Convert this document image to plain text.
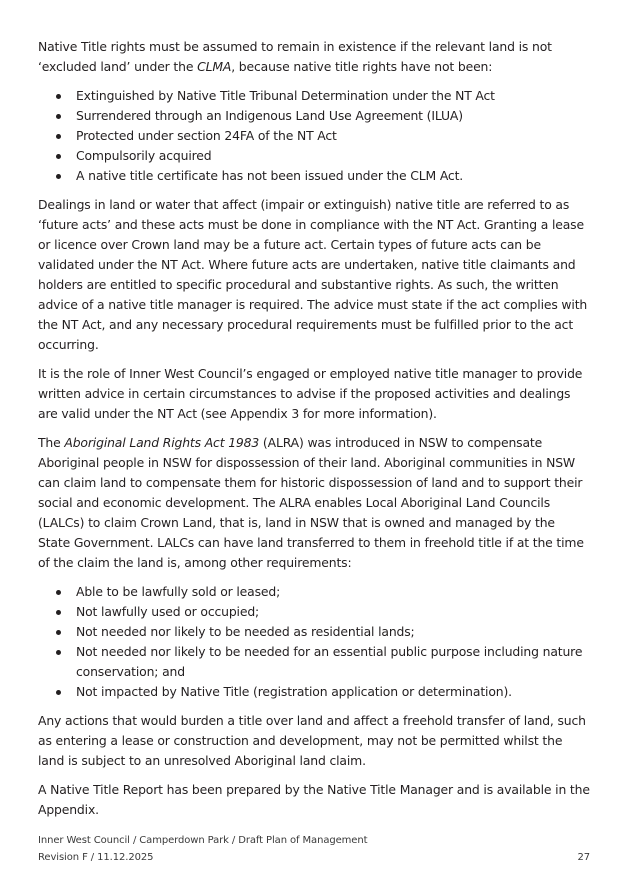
Native Title rights must be assumed to remain in existence if the relevant land is not ‘excluded land’ under the CLMA, because native title rights have not been:

Extinguished by Native Title Tribunal Determination under the NT Act
Surrendered through an Indigenous Land Use Agreement (ILUA)
Protected under section 24FA of the NT Act
Compulsorily acquired
A native title certificate has not been issued under the CLM Act.

Dealings in land or water that affect (impair or extinguish) native title are referred to as ‘future acts’ and these acts must be done in compliance with the NT Act. Granting a lease or licence over Crown land may be a future act. Certain types of future acts can be validated under the NT Act. Where future acts are undertaken, native title claimants and holders are entitled to specific procedural and substantive rights. As such, the written advice of a native title manager is required. The advice must state if the act complies with the NT Act, and any necessary procedural requirements must be fulfilled prior to the act occurring.

It is the role of Inner West Council’s engaged or employed native title manager to provide written advice in certain circumstances to advise if the proposed activities and dealings are valid under the NT Act (see Appendix 3 for more information).

The Aboriginal Land Rights Act 1983 (ALRA) was introduced in NSW to compensate Aboriginal people in NSW for dispossession of their land. Aboriginal communities in NSW can claim land to compensate them for historic dispossession of land and to support their social and economic development. The ALRA enables Local Aboriginal Land Councils (LALCs) to claim Crown Land, that is, land in NSW that is owned and managed by the State Government. LALCs can have land transferred to them in freehold title if at the time of the claim the land is, among other requirements:

Able to be lawfully sold or leased;
Not lawfully used or occupied;
Not needed nor likely to be needed as residential lands;
Not needed nor likely to be needed for an essential public purpose including nature conservation; and
Not impacted by Native Title (registration application or determination).

Any actions that would burden a title over land and affect a freehold transfer of land, such as entering a lease or construction and development, may not be permitted whilst the land is subject to an unresolved Aboriginal land claim.

A Native Title Report has been prepared by the Native Title Manager and is available in the Appendix.

Inner West Council / Camperdown Park / Draft Plan of Management
Revision F / 11.12.2025	27
